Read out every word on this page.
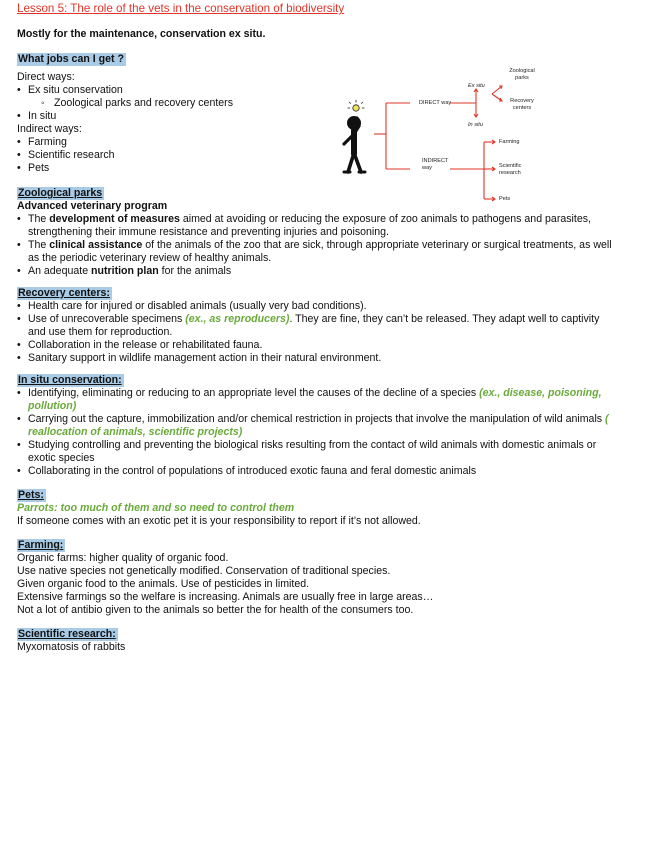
Lesson 5: The role of the vets in the conservation of biodiversity
Mostly for the maintenance, conservation ex situ.
What jobs can I get ?
Direct ways:
• Ex situ conservation
◦ Zoological parks and recovery centers
• In situ
Indirect ways:
• Farming
• Scientific research
• Pets
Zoological parks
Advanced veterinary program
• The development of measures aimed at avoiding or reducing the exposure of zoo animals to pathogens and parasites,
strengthening their immune resistance and preventing injuries and poisoning.
• The clinical assistance of the animals of the zoo that are sick, through appropriate veterinary or surgical treatments, as well
as the periodic veterinary review of healthy animals.
• An adequate nutrition plan for the animals
Recovery centers:
• Health care for injured or disabled animals (usually very bad conditions).
• Use of unrecoverable specimens (ex., as reproducers). They are fine, they can’t be released. They adapt well to captivity
and use them for reproduction.
• Collaboration in the release or rehabilitated fauna.
• Sanitary support in wildlife management action in their natural environment.
In situ conservation:
• Identifying, eliminating or reducing to an appropriate level the causes of the decline of a species (ex., disease, poisoning,
pollution)
• Carrying out the capture, immobilization and/or chemical restriction in projects that involve the manipulation of wild animals (
reallocation of animals, scientific projects)
• Studying controlling and preventing the biological risks resulting from the contact of wild animals with domestic animals or
exotic species
• Collaborating in the control of populations of introduced exotic fauna and feral domestic animals
Pets:
Parrots: too much of them and so need to control them
If someone comes with an exotic pet it is your responsibility to report if it’s not allowed.
Farming:
Organic farms: higher quality of organic food.
Use native species not genetically modified. Conservation of traditional species.
Given organic food to the animals. Use of pesticides in limited.
Extensive farmings so the welfare is increasing. Animals are usually free in large areas…
Not a lot of antibio given to the animals so better the for health of the consumers too.
Scientific research:
Myxomatosis of rabbits
DIRECT way
INDIRECT
way
Ex situ
In situ
Zoological
parks
Recovery
centers
Farming
Scientific
research
Pets
